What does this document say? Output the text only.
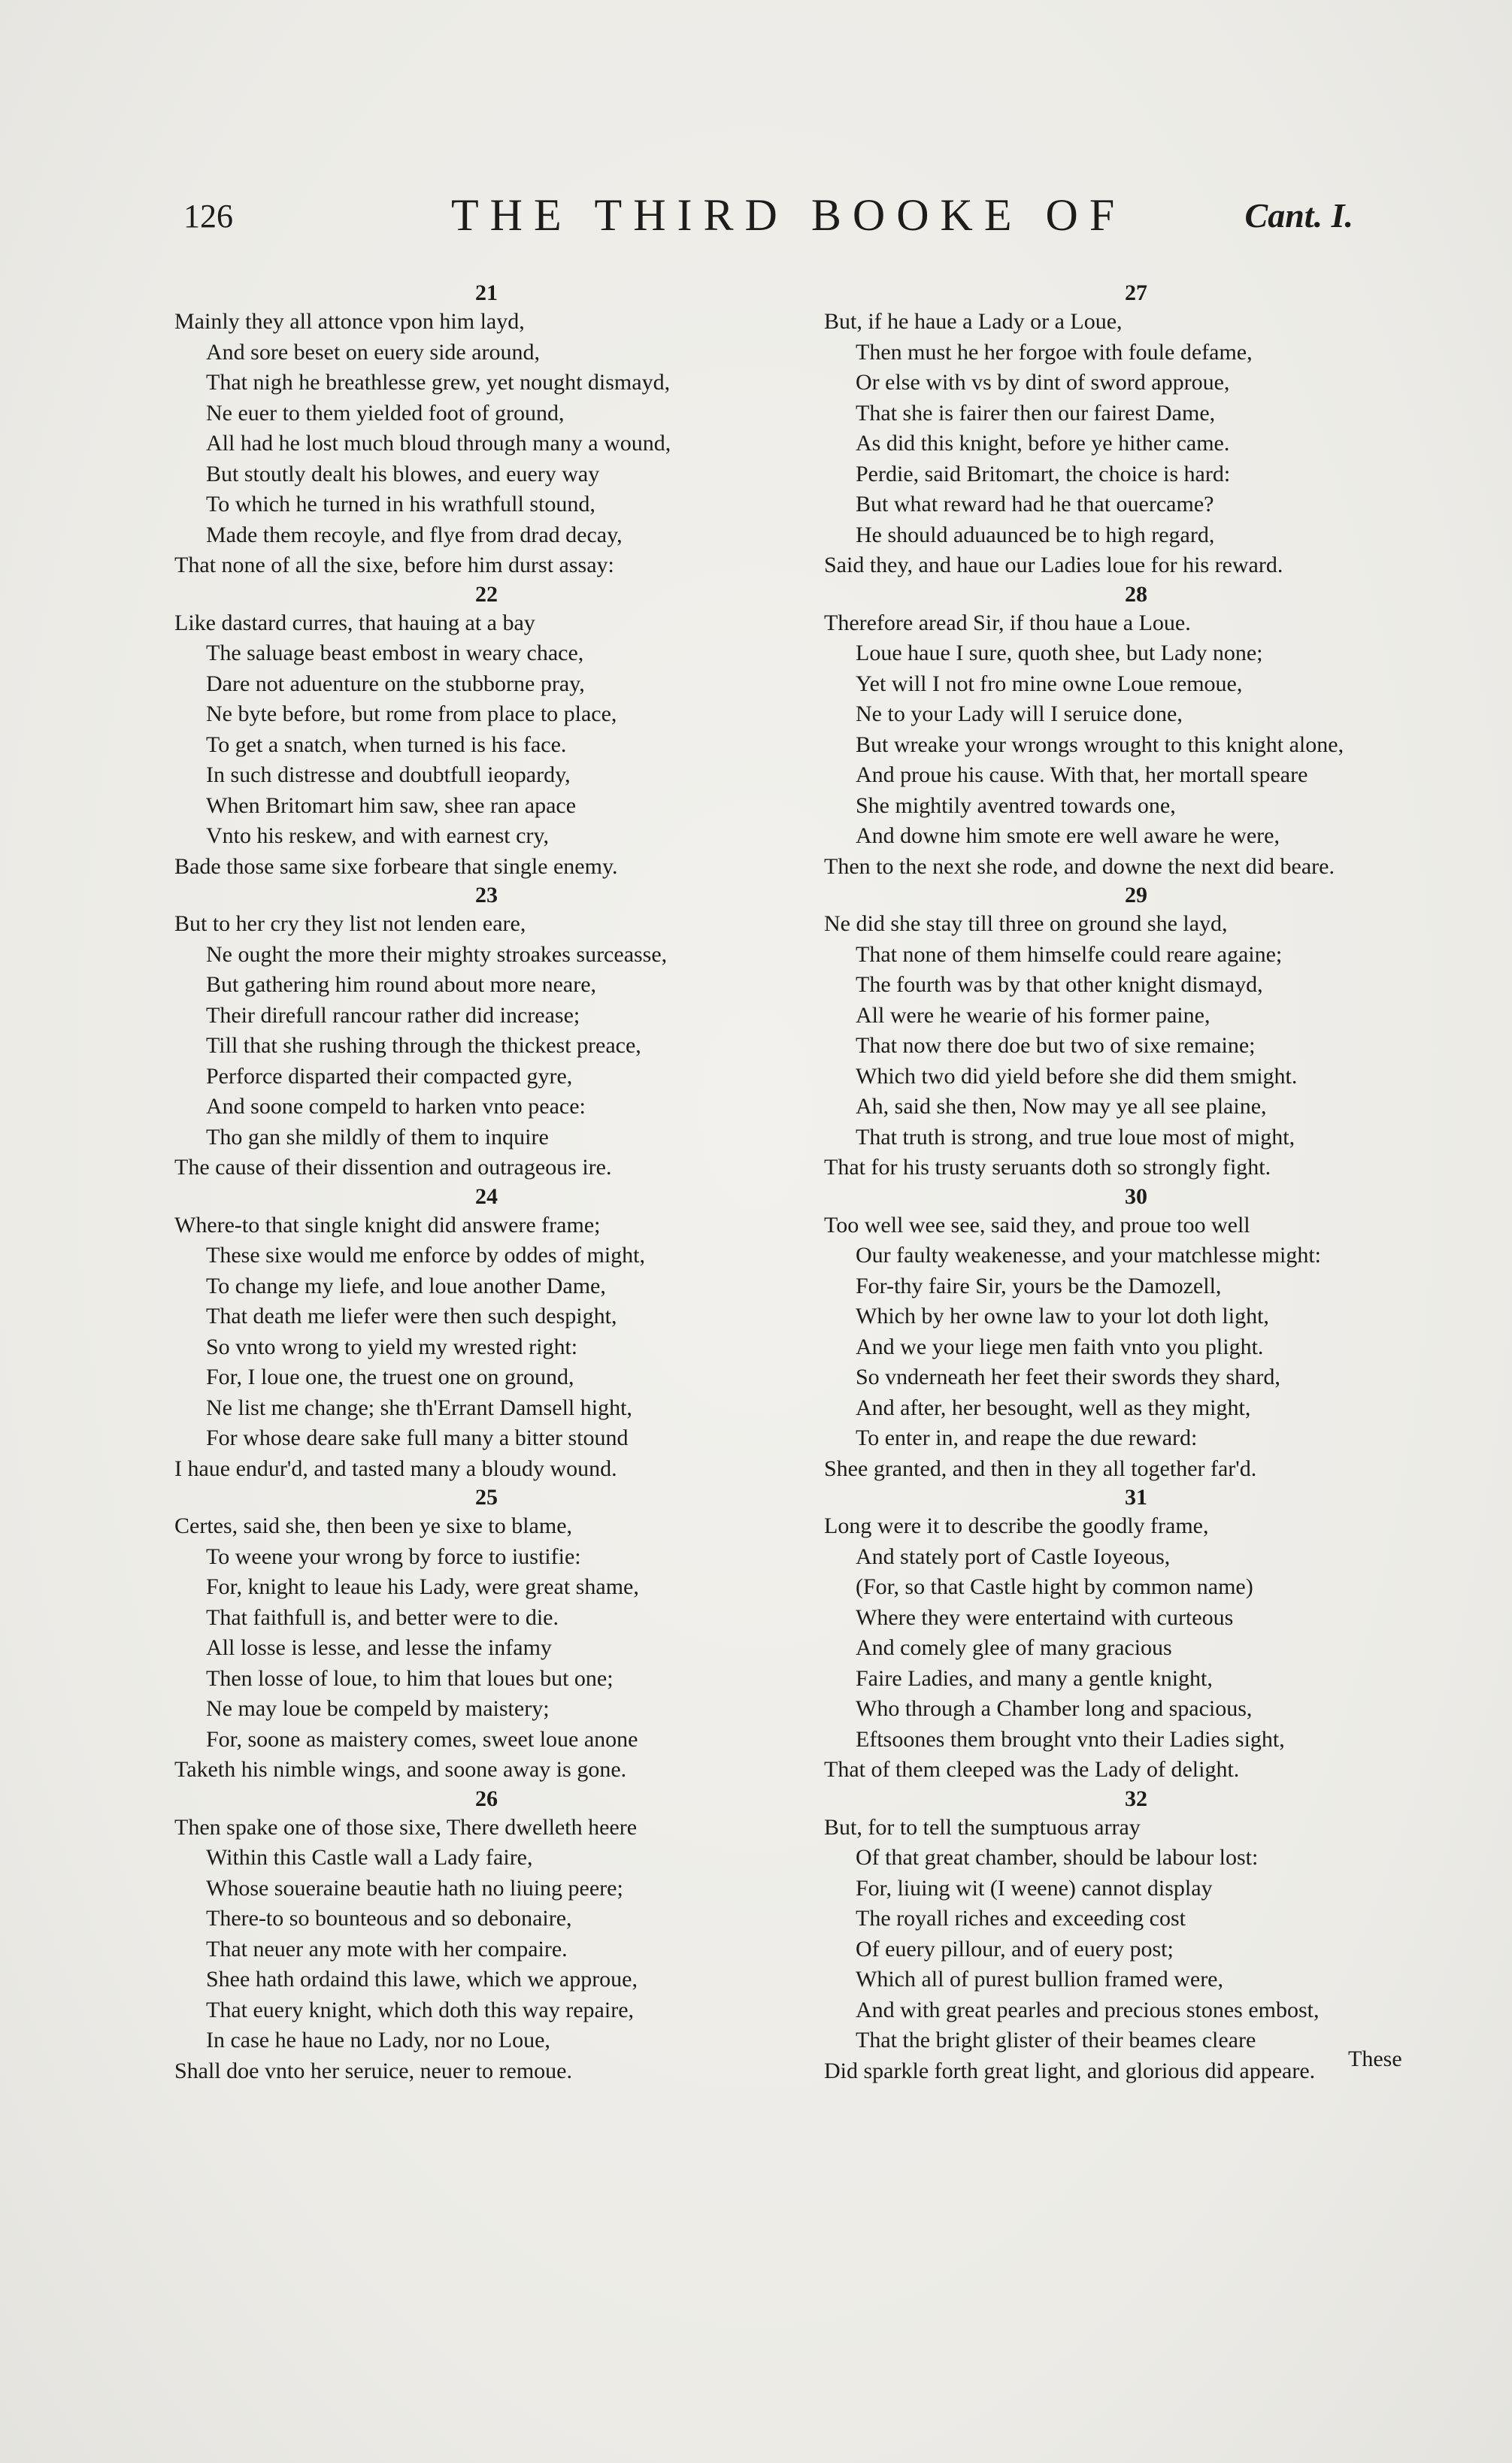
126	THE THIRD BOOKE OF	Cant. I.
21
Mainly they all attonce vpon him layd,
And sore beset on euery side around,
That nigh he breathlesse grew, yet nought dismayd,
Ne euer to them yielded foot of ground,
All had he lost much bloud through many a wound,
But stoutly dealt his blowes, and euery way
To which he turned in his wrathfull stound,
Made them recoyle, and flye from drad decay,
That none of all the sixe, before him durst assay:
22
Like dastard curres, that hauing at a bay
The saluage beast embost in weary chace,
Dare not aduenture on the stubborne pray,
Ne byte before, but rome from place to place,
To get a snatch, when turned is his face.
In such distresse and doubtfull ieopardy,
When Britomart him saw, shee ran apace
Vnto his reskew, and with earnest cry,
Bade those same sixe forbeare that single enemy.
23
But to her cry they list not lenden eare,
Ne ought the more their mighty stroakes surceasse,
But gathering him round about more neare,
Their direfull rancour rather did increase;
Till that she rushing through the thickest preace,
Perforce disparted their compacted gyre,
And soone compeld to harken vnto peace:
Tho gan she mildly of them to inquire
The cause of their dissention and outrageous ire.
24
Where-to that single knight did answere frame;
These sixe would me enforce by oddes of might,
To change my liefe, and loue another Dame,
That death me liefer were then such despight,
So vnto wrong to yield my wrested right:
For, I loue one, the truest one on ground,
Ne list me change; she th'Errant Damsell hight,
For whose deare sake full many a bitter stound
I haue endur'd, and tasted many a bloudy wound.
25
Certes, said she, then been ye sixe to blame,
To weene your wrong by force to iustifie:
For, knight to leaue his Lady, were great shame,
That faithfull is, and better were to die.
All losse is lesse, and lesse the infamy
Then losse of loue, to him that loues but one;
Ne may loue be compeld by maistery;
For, soone as maistery comes, sweet loue anone
Taketh his nimble wings, and soone away is gone.
26
Then spake one of those sixe, There dwelleth heere
Within this Castle wall a Lady faire,
Whose soueraine beautie hath no liuing peere;
There-to so bounteous and so debonaire,
That neuer any mote with her compaire.
Shee hath ordaind this lawe, which we approue,
That euery knight, which doth this way repaire,
In case he haue no Lady, nor no Loue,
Shall doe vnto her seruice, neuer to remoue.
27
But, if he haue a Lady or a Loue,
Then must he her forgoe with foule defame,
Or else with vs by dint of sword approue,
That she is fairer then our fairest Dame,
As did this knight, before ye hither came.
Perdie, said Britomart, the choice is hard:
But what reward had he that ouercame?
He should aduaunced be to high regard,
Said they, and haue our Ladies loue for his reward.
28
Therefore aread Sir, if thou haue a Loue.
Loue haue I sure, quoth shee, but Lady none;
Yet will I not fro mine owne Loue remoue,
Ne to your Lady will I seruice done,
But wreake your wrongs wrought to this knight alone,
And proue his cause. With that, her mortall speare
She mightily aventred towards one,
And downe him smote ere well aware he were,
Then to the next she rode, and downe the next did beare.
29
Ne did she stay till three on ground she layd,
That none of them himselfe could reare againe;
The fourth was by that other knight dismayd,
All were he wearie of his former paine,
That now there doe but two of sixe remaine;
Which two did yield before she did them smight.
Ah, said she then, Now may ye all see plaine,
That truth is strong, and true loue most of might,
That for his trusty seruants doth so strongly fight.
30
Too well wee see, said they, and proue too well
Our faulty weakenesse, and your matchlesse might:
For-thy faire Sir, yours be the Damozell,
Which by her owne law to your lot doth light,
And we your liege men faith vnto you plight.
So vnderneath her feet their swords they shard,
And after, her besought, well as they might,
To enter in, and reape the due reward:
Shee granted, and then in they all together far'd.
31
Long were it to describe the goodly frame,
And stately port of Castle Ioyeous,
(For, so that Castle hight by common name)
Where they were entertaind with curteous
And comely glee of many gracious
Faire Ladies, and many a gentle knight,
Who through a Chamber long and spacious,
Eftsoones them brought vnto their Ladies sight,
That of them cleeped was the Lady of delight.
32
But, for to tell the sumptuous array
Of that great chamber, should be labour lost:
For, liuing wit (I weene) cannot display
The royall riches and exceeding cost
Of euery pillour, and of euery post;
Which all of purest bullion framed were,
And with great pearles and precious stones embost,
That the bright glister of their beames cleare
Did sparkle forth great light, and glorious did appeare.	These
